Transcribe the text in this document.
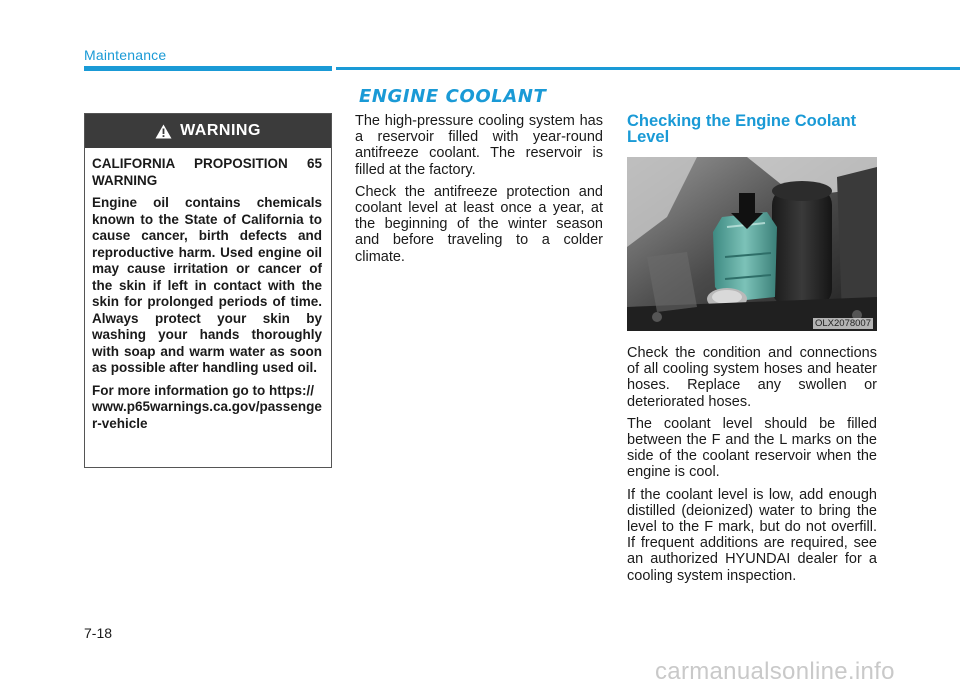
Maintenance
WARNING

CALIFORNIA PROPOSITION 65 WARNING

Engine oil contains chemicals known to the State of California to cause cancer, birth defects and reproductive harm. Used engine oil may cause irritation or cancer of the skin if left in contact with the skin for prolonged periods of time. Always protect your skin by washing your hands thoroughly with soap and warm water as soon as possible after handling used oil.

For more information go to https://www.p65warnings.ca.gov/passenger-vehicle

ENGINE COOLANT

The high-pressure cooling system has a reservoir filled with year-round antifreeze coolant. The reservoir is filled at the factory.

Check the antifreeze protection and coolant level at least once a year, at the beginning of the winter season and before traveling to a colder climate.

Checking the Engine Coolant Level
OLX2078007

Check the condition and connections of all cooling system hoses and heater hoses. Replace any swollen or deteriorated hoses.

The coolant level should be filled between the F and the L marks on the side of the coolant reservoir when the engine is cool.

If the coolant level is low, add enough distilled (deionized) water to bring the level to the F mark, but do not overfill. If frequent additions are required, see an authorized HYUNDAI dealer for a cooling system inspection.

7-18
carmanualsonline.info
